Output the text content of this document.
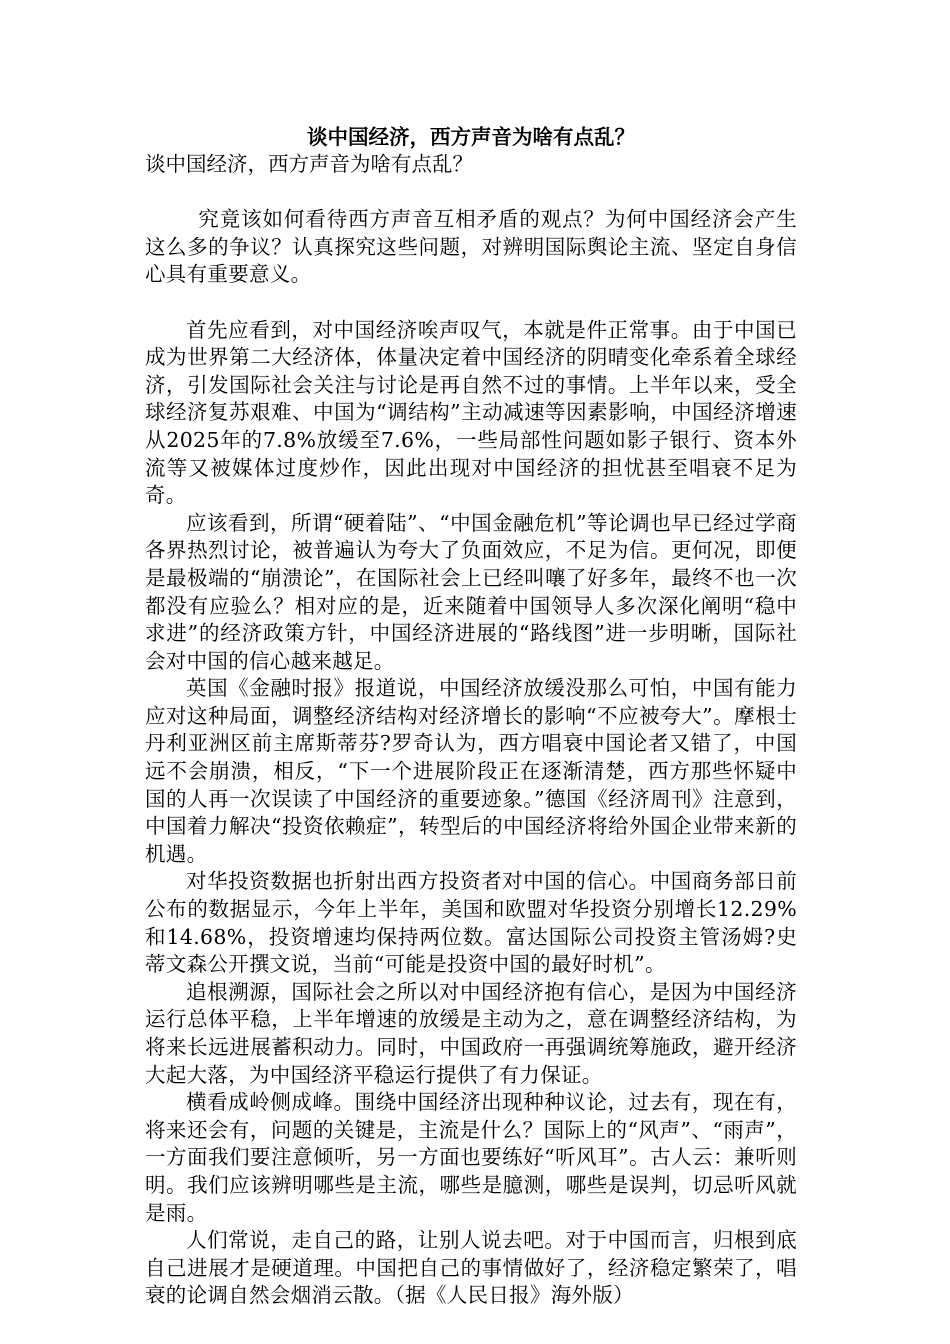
谈中国经济，西方声音为啥有点乱？

谈中国经济，西方声音为啥有点乱？

究竟该如何看待西方声音互相矛盾的观点？为何中国经济会产生这么多的争议？认真探究这些问题，对辨明国际舆论主流、坚定自身信心具有重要意义。

首先应看到，对中国经济唉声叹气，本就是件正常事。由于中国已成为世界第二大经济体，体量决定着中国经济的阴晴变化牵系着全球经济，引发国际社会关注与讨论是再自然不过的事情。上半年以来，受全球经济复苏艰难、中国为“调结构”主动减速等因素影响，中国经济增速从2025年的7.8%放缓至7.6%，一些局部性问题如影子银行、资本外流等又被媒体过度炒作，因此出现对中国经济的担忧甚至唱衰不足为奇。

应该看到，所谓“硬着陆”、“中国金融危机”等论调也早已经过学商各界热烈讨论，被普遍认为夸大了负面效应，不足为信。更何况，即便是最极端的“崩溃论”，在国际社会上已经叫嚷了好多年，最终不也一次都没有应验么？相对应的是，近来随着中国领导人多次深化阐明“稳中求进”的经济政策方针，中国经济进展的“路线图”进一步明晰，国际社会对中国的信心越来越足。

英国《金融时报》报道说，中国经济放缓没那么可怕，中国有能力应对这种局面，调整经济结构对经济增长的影响“不应被夸大”。摩根士丹利亚洲区前主席斯蒂芬?罗奇认为，西方唱衰中国论者又错了，中国远不会崩溃，相反，“下一个进展阶段正在逐渐清楚，西方那些怀疑中国的人再一次误读了中国经济的重要迹象。”德国《经济周刊》注意到，中国着力解决“投资依赖症”，转型后的中国经济将给外国企业带来新的机遇。

对华投资数据也折射出西方投资者对中国的信心。中国商务部日前公布的数据显示，今年上半年，美国和欧盟对华投资分别增长12.29%和14.68%，投资增速均保持两位数。富达国际公司投资主管汤姆?史蒂文森公开撰文说，当前“可能是投资中国的最好时机”。

追根溯源，国际社会之所以对中国经济抱有信心，是因为中国经济运行总体平稳，上半年增速的放缓是主动为之，意在调整经济结构，为将来长远进展蓄积动力。同时，中国政府一再强调统筹施政，避开经济大起大落，为中国经济平稳运行提供了有力保证。

横看成岭侧成峰。围绕中国经济出现种种议论，过去有，现在有，将来还会有，问题的关键是，主流是什么？国际上的“风声”、“雨声”，一方面我们要注意倾听，另一方面也要练好“听风耳”。古人云：兼听则明。我们应该辨明哪些是主流，哪些是臆测，哪些是误判，切忌听风就是雨。

人们常说，走自己的路，让别人说去吧。对于中国而言，归根到底自己进展才是硬道理。中国把自己的事情做好了，经济稳定繁荣了，唱衰的论调自然会烟消云散。（据《人民日报》海外版）
